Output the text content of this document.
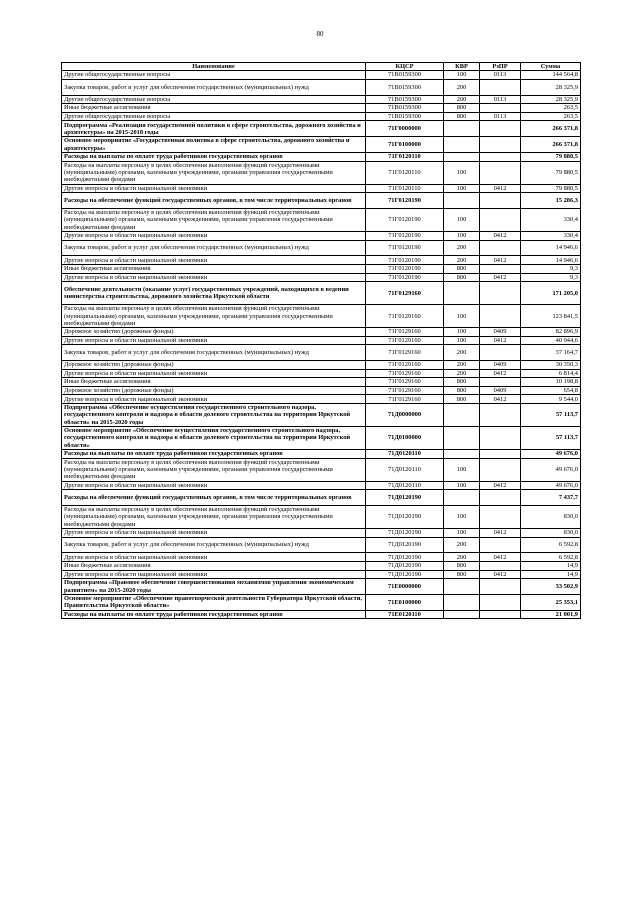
80
Наименование	КЦСР	КВР	РзПР	Сумма
Другие общегосударственные вопросы	71В0159300	100	0113	144 564,8
Закупка товаров, работ и услуг для обеспечения государственных (муниципальных) нужд	71В0159300	200		28 325,9
Другие общегосударственные вопросы	71В0159300	200	0113	28 325,9
Иные бюджетные ассигнования	71В0159300	800		263,5
Другие общегосударственные вопросы	71В0159300	800	0113	263,5
Подпрограмма «Реализация государственной политики в сфере строительства, дорожного хозяйства и архитектуры» на 2015-2018 годы	71Г0000000			266 371,8
Основное мероприятие «Государственная политика в сфере строительства, дорожного хозяйства и архитектуры»	71Г0100000			266 371,8
Расходы на выплаты по оплате труда работников государственных органов	71Г0120110			79 880,5
Расходы на выплаты персоналу в целях обеспечения выполнения функций государственными (муниципальными) органами, казенными учреждениями, органами управления государственными внебюджетными фондами	71Г0120110	100		79 880,5
Другие вопросы в области национальной экономики	71Г0120110	100	0412	79 880,5
Расходы на обеспечение функций государственных органов, в том числе территориальных органов	71Г0120190			15 286,3
Расходы на выплаты персоналу в целях обеспечения выполнения функций государственными (муниципальными) органами, казенными учреждениями, органами управления государственными внебюджетными фондами	71Г0120190	100		330,4
Другие вопросы в области национальной экономики	71Г0120190	100	0412	330,4
Закупка товаров, работ и услуг для обеспечения государственных (муниципальных) нужд	71Г0120190	200		14 946,6
Другие вопросы в области национальной экономики	71Г0120190	200	0412	14 946,6
Иные бюджетные ассигнования	71Г0120190	800		9,3
Другие вопросы в области национальной экономики	71Г0120190	800	0412	9,3
Обеспечение деятельности (оказание услуг) государственных учреждений, находящихся в ведении министерства строительства, дорожного хозяйства Иркутской области	71Г0129160			171 205,0
Расходы на выплаты персоналу в целях обеспечения выполнения функций государственными (муниципальными) органами, казенными учреждениями, органами управления государственными внебюджетными фондами	71Г0129160	100		123 841,5
Дорожное хозяйство (дорожные фонды)	71Г0129160	100	0409	82 896,9
Другие вопросы в области национальной экономики	71Г0129160	100	0412	40 944,6
Закупка товаров, работ и услуг для обеспечения государственных (муниципальных) нужд	71Г0129160	200		37 164,7
Дорожное хозяйство (дорожные фонды)	71Г0129160	200	0409	30 350,3
Другие вопросы в области национальной экономики	71Г0129160	200	0412	6 814,4
Иные бюджетные ассигнования	71Г0129160	800		10 198,8
Дорожное хозяйство (дорожные фонды)	71Г0129160	800	0409	654,8
Другие вопросы в области национальной экономики	71Г0129160	800	0412	9 544,0
Подпрограмма «Обеспечение осуществления государственного строительного надзора, государственного контроля и надзора в области долевого строительства на территории Иркутской области» на 2015-2020 годы	71Д0000000			57 113,7
Основное мероприятие «Обеспечение осуществления государственного строительного надзора, государственного контроля и надзора в области долевого строительства на территории Иркутской области»	71Д0100000			57 113,7
Расходы на выплаты по оплате труда работников государственных органов	71Д0120110			49 676,0
Расходы на выплаты персоналу в целях обеспечения выполнения функций государственными (муниципальными) органами, казенными учреждениями, органами управления государственными внебюджетными фондами	71Д0120110	100		49 676,0
Другие вопросы в области национальной экономики	71Д0120110	100	0412	49 676,0
Расходы на обеспечение функций государственных органов, в том числе территориальных органов	71Д0120190			7 437,7
Расходы на выплаты персоналу в целях обеспечения выполнения функций государственными (муниципальными) органами, казенными учреждениями, органами управления государственными внебюджетными фондами	71Д0120190	100		830,0
Другие вопросы в области национальной экономики	71Д0120190	100	0412	830,0
Закупка товаров, работ и услуг для обеспечения государственных (муниципальных) нужд	71Д0120190	200		6 592,8
Другие вопросы в области национальной экономики	71Д0120190	200	0412	6 592,8
Иные бюджетные ассигнования	71Д0120190	800		14,9
Другие вопросы в области национальной экономики	71Д0120190	800	0412	14,9
Подпрограмма «Правовое обеспечение совершенствования механизмов управления экономическим развитием» на 2015-2020 годы	71Е0000000			33 502,9
Основное мероприятие «Обеспечение правотворческой деятельности Губернатора Иркутской области, Правительства Иркутской области»	71Е0100000			25 353,1
Расходы на выплаты по оплате труда работников государственных органов	71Е0120110			21 001,9
